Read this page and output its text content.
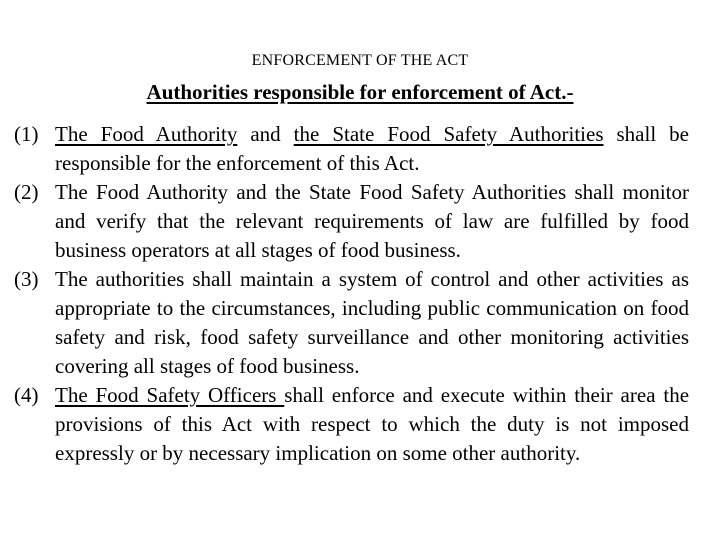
ENFORCEMENT OF THE ACT
Authorities responsible for enforcement of Act.-
(1) The Food Authority and the State Food Safety Authorities shall be responsible for the enforcement of this Act.
(2) The Food Authority and the State Food Safety Authorities shall monitor and verify that the relevant requirements of law are fulfilled by food business operators at all stages of food business.
(3) The authorities shall maintain a system of control and other activities as appropriate to the circumstances, including public communication on food safety and risk, food safety surveillance and other monitoring activities covering all stages of food business.
(4) The Food Safety Officers shall enforce and execute within their area the provisions of this Act with respect to which the duty is not imposed expressly or by necessary implication on some other authority.
